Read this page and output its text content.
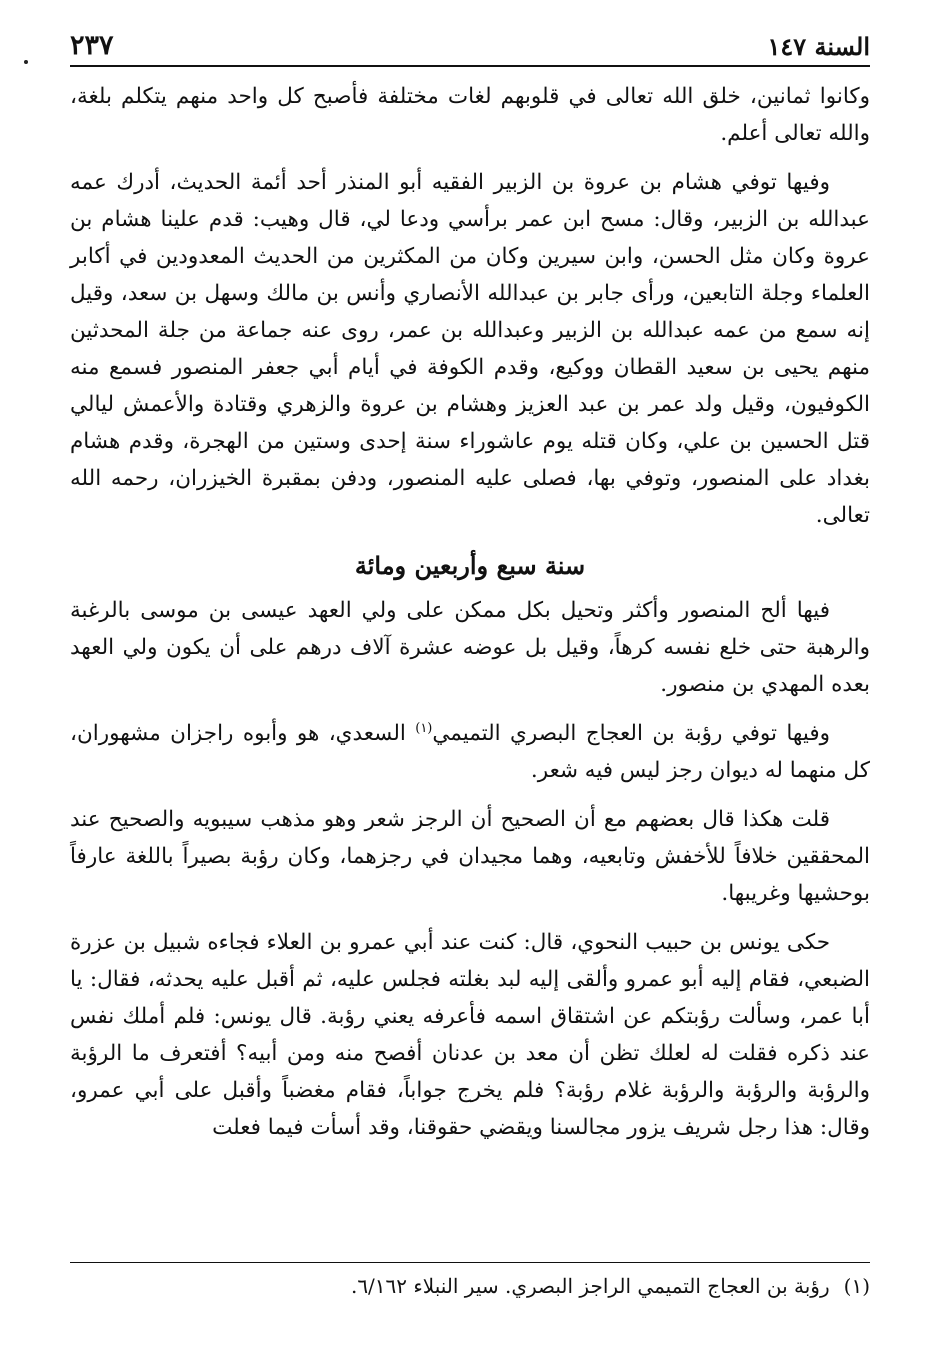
السنة ١٤٧
٢٣٧

وكانوا ثمانين، خلق الله تعالى في قلوبهم لغات مختلفة فأصبح كل واحد منهم يتكلم بلغة، والله تعالى أعلم.

وفيها توفي هشام بن عروة بن الزبير الفقيه أبو المنذر أحد أئمة الحديث، أدرك عمه عبدالله بن الزبير، وقال: مسح ابن عمر برأسي ودعا لي، قال وهيب: قدم علينا هشام بن عروة وكان مثل الحسن، وابن سيرين وكان من المكثرين من الحديث المعدودين في أكابر العلماء وجلة التابعين، ورأى جابر بن عبدالله الأنصاري وأنس بن مالك وسهل بن سعد، وقيل إنه سمع من عمه عبدالله بن الزبير وعبدالله بن عمر، روى عنه جماعة من جلة المحدثين منهم يحيى بن سعيد القطان ووكيع، وقدم الكوفة في أيام أبي جعفر المنصور فسمع منه الكوفيون، وقيل ولد عمر بن عبد العزيز وهشام بن عروة والزهري وقتادة والأعمش ليالي قتل الحسين بن علي، وكان قتله يوم عاشوراء سنة إحدى وستين من الهجرة، وقدم هشام بغداد على المنصور، وتوفي بها، فصلى عليه المنصور، ودفن بمقبرة الخيزران، رحمه الله تعالى.

سنة سبع وأربعين ومائة

فيها ألح المنصور وأكثر وتحيل بكل ممكن على ولي العهد عيسى بن موسى بالرغبة والرهبة حتى خلع نفسه كرهاً، وقيل بل عوضه عشرة آلاف درهم على أن يكون ولي العهد بعده المهدي بن منصور.

وفيها توفي رؤبة بن العجاج البصري التميمي$^{(١)}$ السعدي، هو وأبوه راجزان مشهوران، كل منهما له ديوان رجز ليس فيه شعر.

قلت هكذا قال بعضهم مع أن الصحيح أن الرجز شعر وهو مذهب سيبويه والصحيح عند المحققين خلافاً للأخفش وتابعيه، وهما مجيدان في رجزهما، وكان رؤبة بصيراً باللغة عارفاً بوحشيها وغريبها.

حكى يونس بن حبيب النحوي، قال: كنت عند أبي عمرو بن العلاء فجاءه شبيل بن عزرة الضبعي، فقام إليه أبو عمرو وألقى إليه لبد بغلته فجلس عليه، ثم أقبل عليه يحدثه، فقال: يا أبا عمر، وسألت رؤبتكم عن اشتقاق اسمه فأعرفه يعني رؤبة. قال يونس: فلم أملك نفس عند ذكره فقلت له لعلك تظن أن معد بن عدنان أفصح منه ومن أبيه؟ أفتعرف ما الرؤبة والرؤبة والرؤبة والرؤبة غلام رؤبة؟ فلم يخرج جواباً، فقام مغضباً وأقبل على أبي عمرو، وقال: هذا رجل شريف يزور مجالسنا ويقضي حقوقنا، وقد أسأت فيما فعلت

(١)رؤبة بن العجاج التميمي الراجز البصري. سير النبلاء ٦/١٦٢.
